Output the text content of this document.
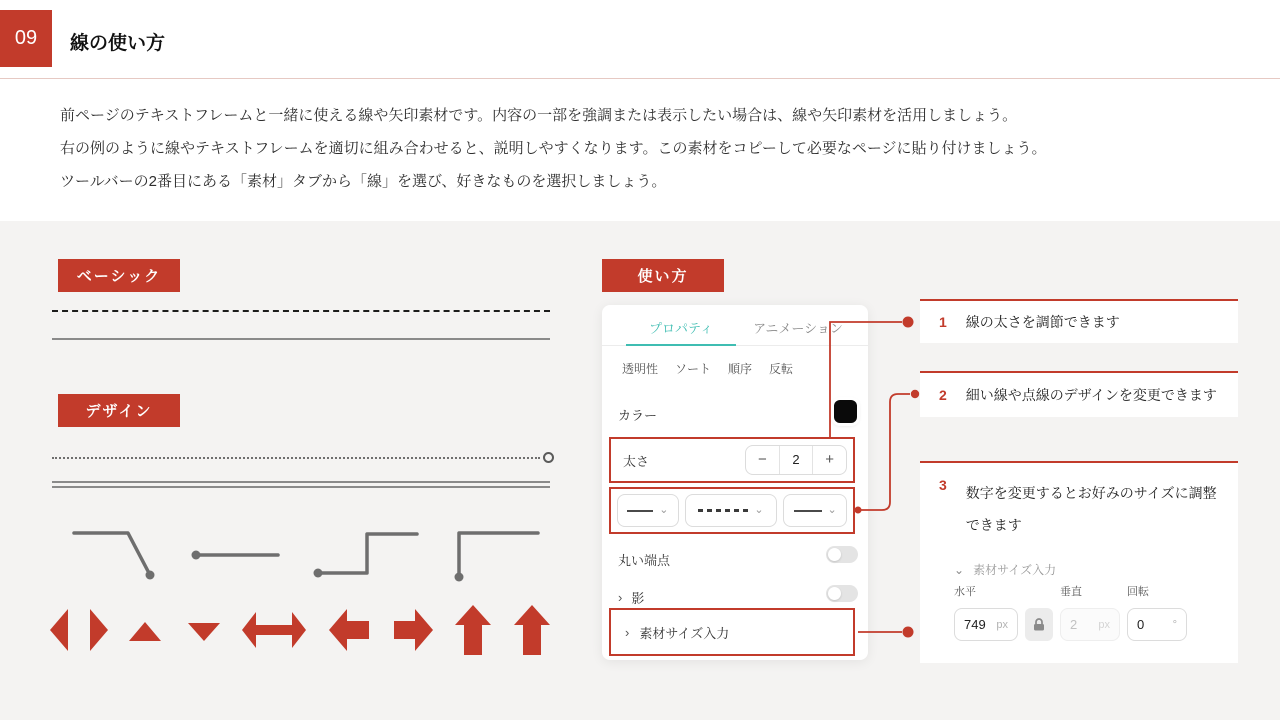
09	線の使い方
前ページのテキストフレームと一緒に使える線や矢印素材です。内容の一部を強調または表示したい場合は、線や矢印素材を活用しましょう。
右の例のように線やテキストフレームを適切に組み合わせると、説明しやすくなります。この素材をコピーして必要なページに貼り付けましょう。
ツールバーの2番目にある「素材」タブから「線」を選び、好きなものを選択しましょう。
ベーシック
デザイン
使い方
プロパティ	アニメーション
透明性 ソート 順序 反転
カラー
太さ	−	2	+
⌄	⌄	⌄
丸い端点
› 影
› 素材サイズ入力
1 線の太さを調節できます
2 細い線や点線のデザインを変更できます
3 数字を変更するとお好みのサイズに調整できます
⌄ 素材サイズ入力
水平
749 px
垂直
2 px
回転
0	°
